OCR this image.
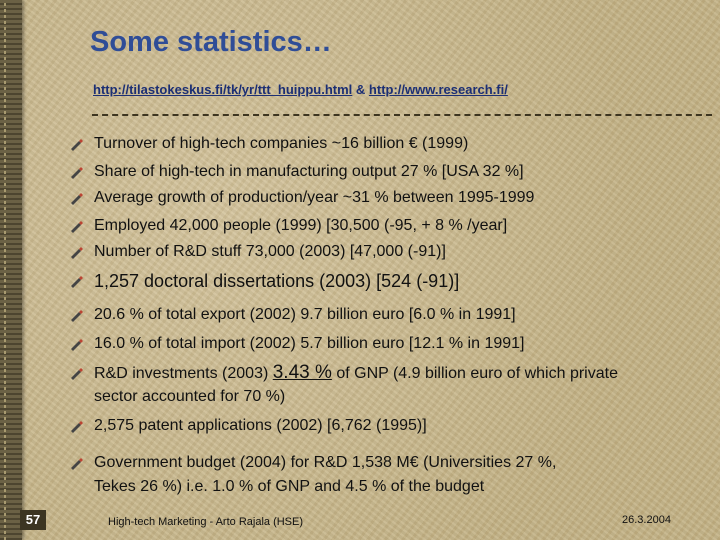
Some statistics…
http://tilastokeskus.fi/tk/yr/ttt_huippu.html & http://www.research.fi/
Turnover of high-tech companies ~16 billion € (1999)
Share of high-tech in manufacturing output 27 % [USA 32 %]
Average growth of production/year ~31 % between 1995-1999
Employed 42,000 people (1999) [30,500 (-95, + 8 % /year]
Number of R&D stuff 73,000 (2003) [47,000 (-91)]
1,257 doctoral dissertations (2003) [524 (-91)]
20.6 % of total export (2002) 9.7 billion euro [6.0 % in 1991]
16.0 % of total import (2002) 5.7 billion euro [12.1 % in 1991]
R&D investments (2003) 3.43 % of GNP (4.9 billion euro of which private
sector accounted for 70 %)
2,575 patent applications (2002) [6,762 (1995)]
Government budget (2004) for R&D 1,538 M€ (Universities 27 %,
Tekes 26 %) i.e. 1.0 % of GNP and 4.5 % of the budget
57	High-tech Marketing - Arto Rajala (HSE)	26.3.2004
